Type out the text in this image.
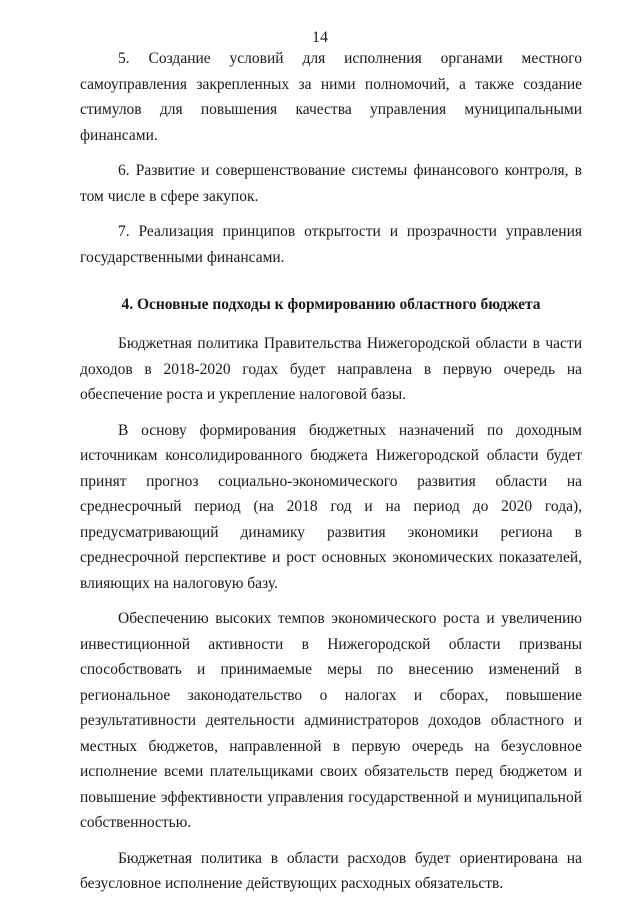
14

5. Создание условий для исполнения органами местного самоуправления закрепленных за ними полномочий, а также создание стимулов для повышения качества управления муниципальными финансами.

6. Развитие и совершенствование системы финансового контроля, в том числе в сфере закупок.

7. Реализация принципов открытости и прозрачности управления государственными финансами.

4. Основные подходы к формированию областного бюджета

Бюджетная политика Правительства Нижегородской области в части доходов в 2018-2020 годах будет направлена в первую очередь на обеспечение роста и укрепление налоговой базы.

В основу формирования бюджетных назначений по доходным источникам консолидированного бюджета Нижегородской области будет принят прогноз социально-экономического развития области на среднесрочный период (на 2018 год и на период до 2020 года), предусматривающий динамику развития экономики региона в среднесрочной перспективе и рост основных экономических показателей, влияющих на налоговую базу.

Обеспечению высоких темпов экономического роста и увеличению инвестиционной активности в Нижегородской области призваны способствовать и принимаемые меры по внесению изменений в региональное законодательство о налогах и сборах, повышение результативности деятельности администраторов доходов областного и местных бюджетов, направленной в первую очередь на безусловное исполнение всеми плательщиками своих обязательств перед бюджетом и повышение эффективности управления государственной и муниципальной собственностью.

Бюджетная политика в области расходов будет ориентирована на безусловное исполнение действующих расходных обязательств.
